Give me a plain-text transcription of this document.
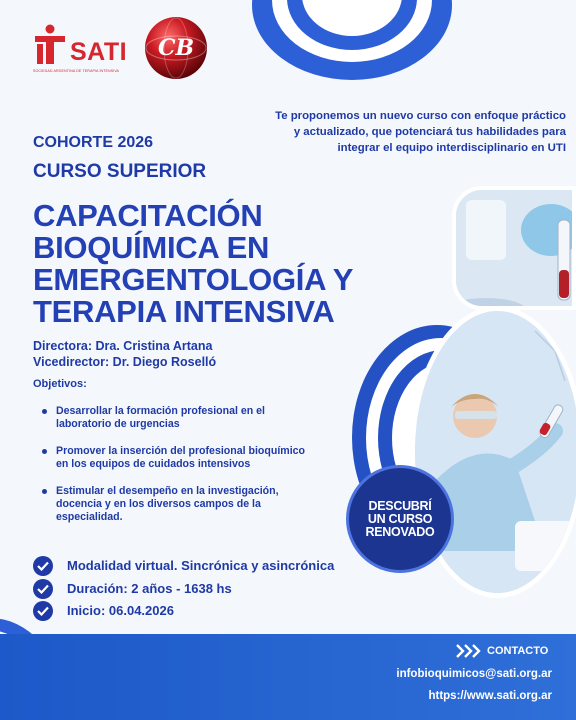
SATI
SOCIEDAD ARGENTINA DE TERAPIA INTENSIVA
CB
Te proponemos un nuevo curso con enfoque práctico y actualizado, que potenciará tus habilidades para integrar el equipo interdisciplinario en UTI
COHORTE 2026
CURSO SUPERIOR
CAPACITACIÓN BIOQUÍMICA EN EMERGENTOLOGÍA Y TERAPIA INTENSIVA
Directora: Dra. Cristina Artana
Vicedirector: Dr. Diego Roselló
Objetivos:
Desarrollar la formación profesional en el laboratorio de urgencias
Promover la inserción del profesional bioquímico en los equipos de cuidados intensivos
Estimular el desempeño en la investigación, docencia y en los diversos campos de la especialidad.
Modalidad virtual. Sincrónica y asincrónica
Duración: 2 años - 1638 hs
Inicio: 06.04.2026
DESCUBRÍ
UN CURSO
RENOVADO
CONTACTO
infobioquimicos@sati.org.ar
https://www.sati.org.ar
